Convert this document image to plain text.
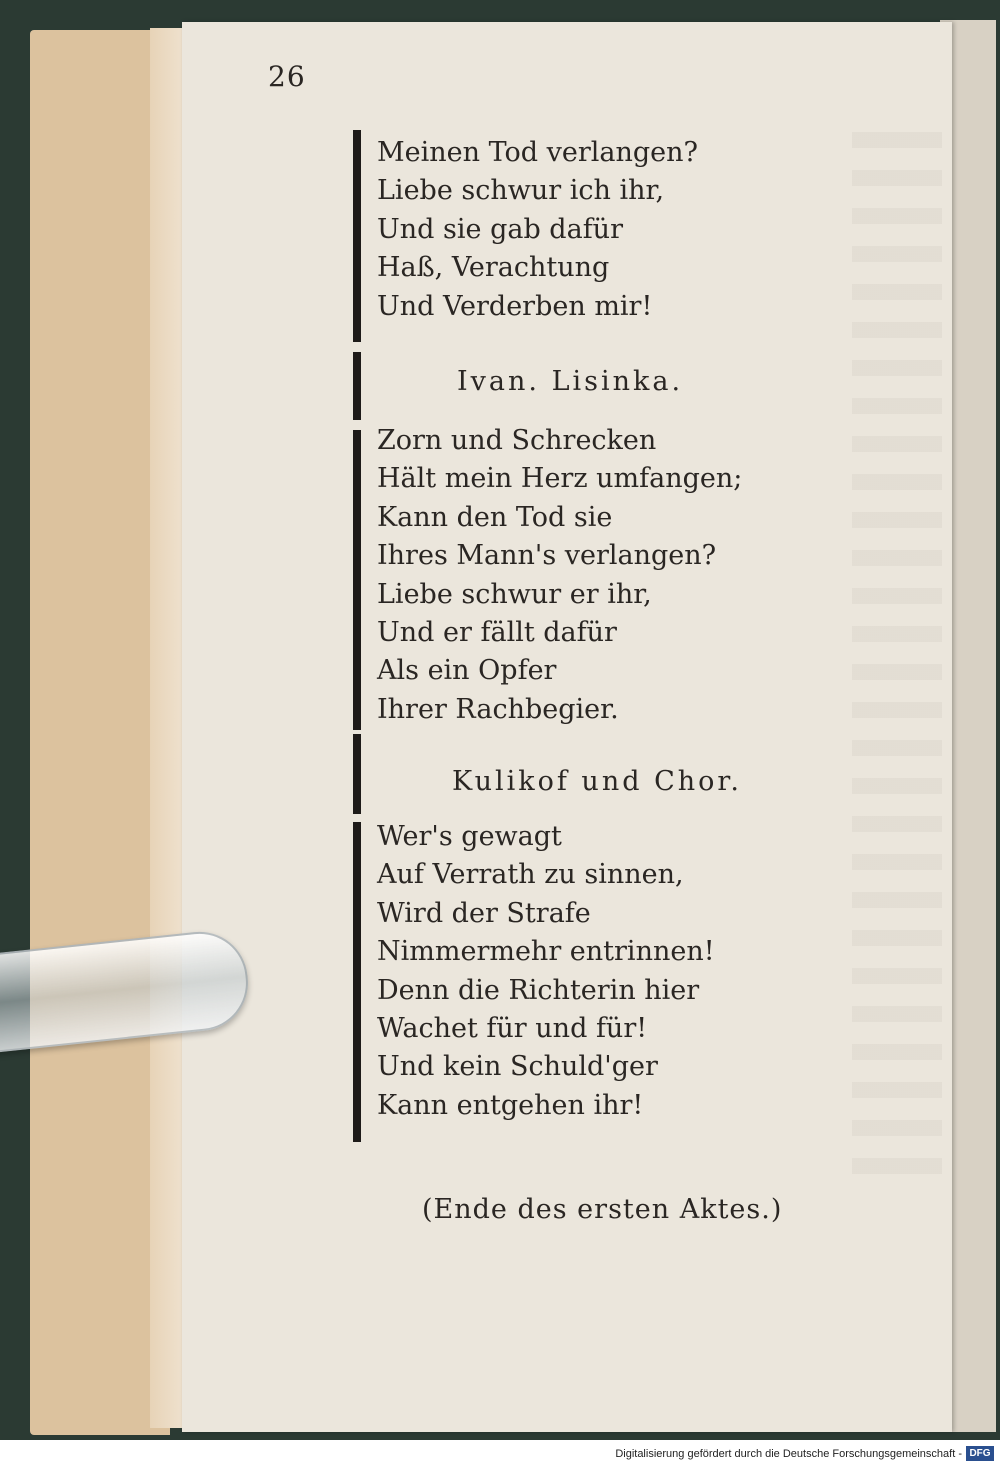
26
Meinen Tod verlangen?
Liebe schwur ich ihr,
Und sie gab dafür
Haß, Verachtung
Und Verderben mir!
Ivan. Lisinka.
Zorn und Schrecken
Hält mein Herz umfangen;
Kann den Tod sie
Ihres Mann's verlangen?
Liebe schwur er ihr,
Und er fällt dafür
Als ein Opfer
Ihrer Rachbegier.
Kulikof und Chor.
Wer's gewagt
Auf Verrath zu sinnen,
Wird der Strafe
Nimmermehr entrinnen!
Denn die Richterin hier
Wachet für und für!
Und kein Schuld'ger
Kann entgehen ihr!
(Ende des ersten Aktes.)
Digitalisierung gefördert durch die Deutsche Forschungsgemeinschaft - DFG
